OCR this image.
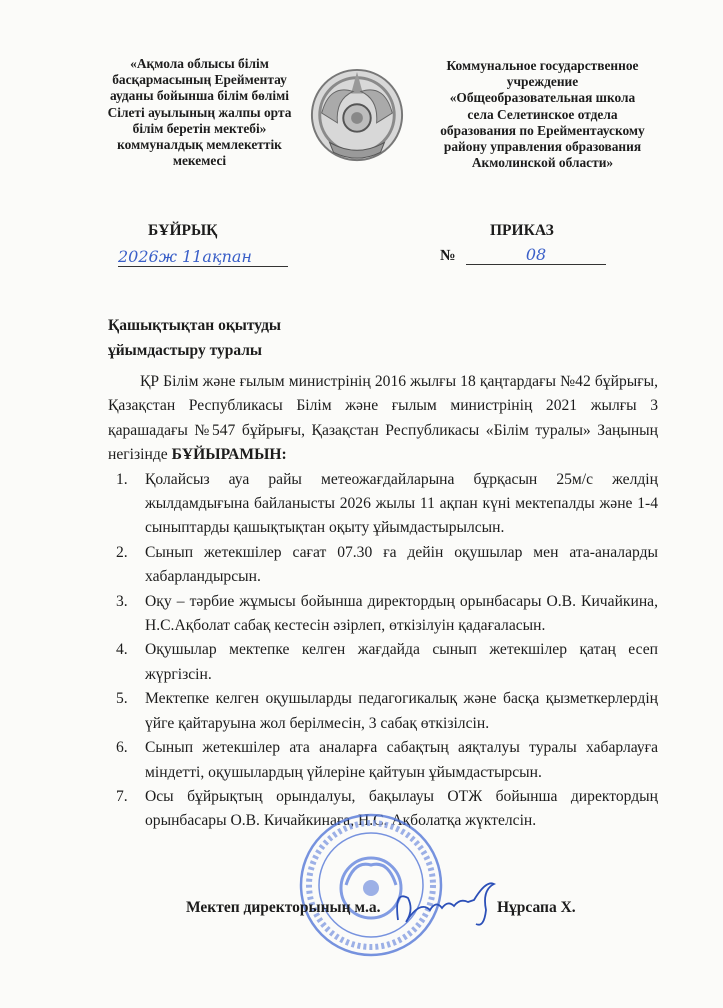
«Ақмола облысы білім
басқармасының Ерейментау
ауданы бойынша білім бөлімі
Сілеті ауылының жалпы орта
білім беретін мектебі»
коммуналдық мемлекеттік
мекемесі
Коммунальное государственное
учреждение
«Общеобразовательная школа
села Селетинское отдела
образования по Ерейментаускому
району управления образования
Акмолинской области»
БҰЙРЫҚ
2026ж 11ақпан
ПРИКАЗ
№	08
Қашықтықтан оқытуды
ұйымдастыру туралы

ҚР Білім және ғылым министрінің 2016 жылғы 18 қаңтардағы №42 бұйрығы, Қазақстан Республикасы Білім және ғылым министрінің 2021 жылғы 3 қарашадағы №547 бұйрығы, Қазақстан Республикасы «Білім туралы» Заңының негізінде БҰЙЫРАМЫН:

1. Қолайсыз ауа райы метеожағдайларына бұрқасын 25м/с желдің жылдамдығына байланысты 2026 жылы 11 ақпан күні мектепалды және 1-4 сыныптарды қашықтықтан оқыту ұйымдастырылсын.
2. Сынып жетекшілер сағат 07.30 ға дейін оқушылар мен ата-аналарды хабарландырсын.
3. Оқу – тәрбие жұмысы бойынша директордың орынбасары О.В. Кичайкина, Н.С.Ақболат сабақ кестесін әзірлеп, өткізілуін қадағаласын.
4. Оқушылар мектепке келген жағдайда сынып жетекшілер қатаң есеп жүргізсін.
5. Мектепке келген оқушыларды педагогикалық және басқа қызметкерлердің үйге қайтаруына жол берілмесін, 3 сабақ өткізілсін.
6. Сынып жетекшілер ата аналарға сабақтың аяқталуы туралы хабарлауға міндетті, оқушылардың үйлеріне қайтуын ұйымдастырсын.
7. Осы бұйрықтың орындалуы, бақылауы ОТЖ бойынша директордың орынбасары О.В. Кичайкинаға, Н.С. Ақболатқа жүктелсін.
Мектеп директорының м.а.	Нұрсапа Х.
